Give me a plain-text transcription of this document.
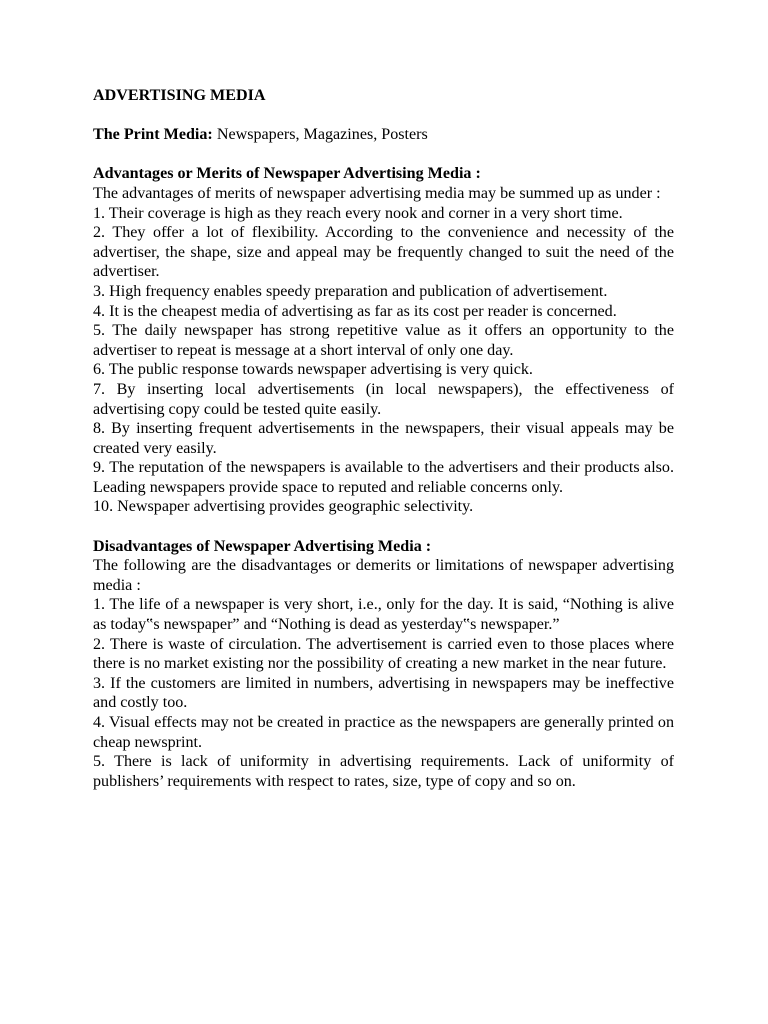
ADVERTISING MEDIA

The Print Media: Newspapers, Magazines, Posters

Advantages or Merits of Newspaper Advertising Media :

The advantages of merits of newspaper advertising media may be summed up as under :

1. Their coverage is high as they reach every nook and corner in a very short time.

2. They offer a lot of flexibility. According to the convenience and necessity of the advertiser, the shape, size and appeal may be frequently changed to suit the need of the advertiser.

3. High frequency enables speedy preparation and publication of advertisement.

4. It is the cheapest media of advertising as far as its cost per reader is concerned.

5. The daily newspaper has strong repetitive value as it offers an opportunity to the advertiser to repeat is message at a short interval of only one day.

6. The public response towards newspaper advertising is very quick.

7. By inserting local advertisements (in local newspapers), the effectiveness of advertising copy could be tested quite easily.

8. By inserting frequent advertisements in the newspapers, their visual appeals may be created very easily.

9. The reputation of the newspapers is available to the advertisers and their products also. Leading newspapers provide space to reputed and reliable concerns only.

10. Newspaper advertising provides geographic selectivity.

Disadvantages of Newspaper Advertising Media :

The following are the disadvantages or demerits or limitations of newspaper advertising media :

1. The life of a newspaper is very short, i.e., only for the day. It is said, “Nothing is alive as today‟s newspaper” and “Nothing is dead as yesterday‟s newspaper.”

2. There is waste of circulation. The advertisement is carried even to those places where there is no market existing nor the possibility of creating a new market in the near future.

3. If the customers are limited in numbers, advertising in newspapers may be ineffective and costly too.

4. Visual effects may not be created in practice as the newspapers are generally printed on cheap newsprint.

5. There is lack of uniformity in advertising requirements. Lack of uniformity of publishers’ requirements with respect to rates, size, type of copy and so on.
